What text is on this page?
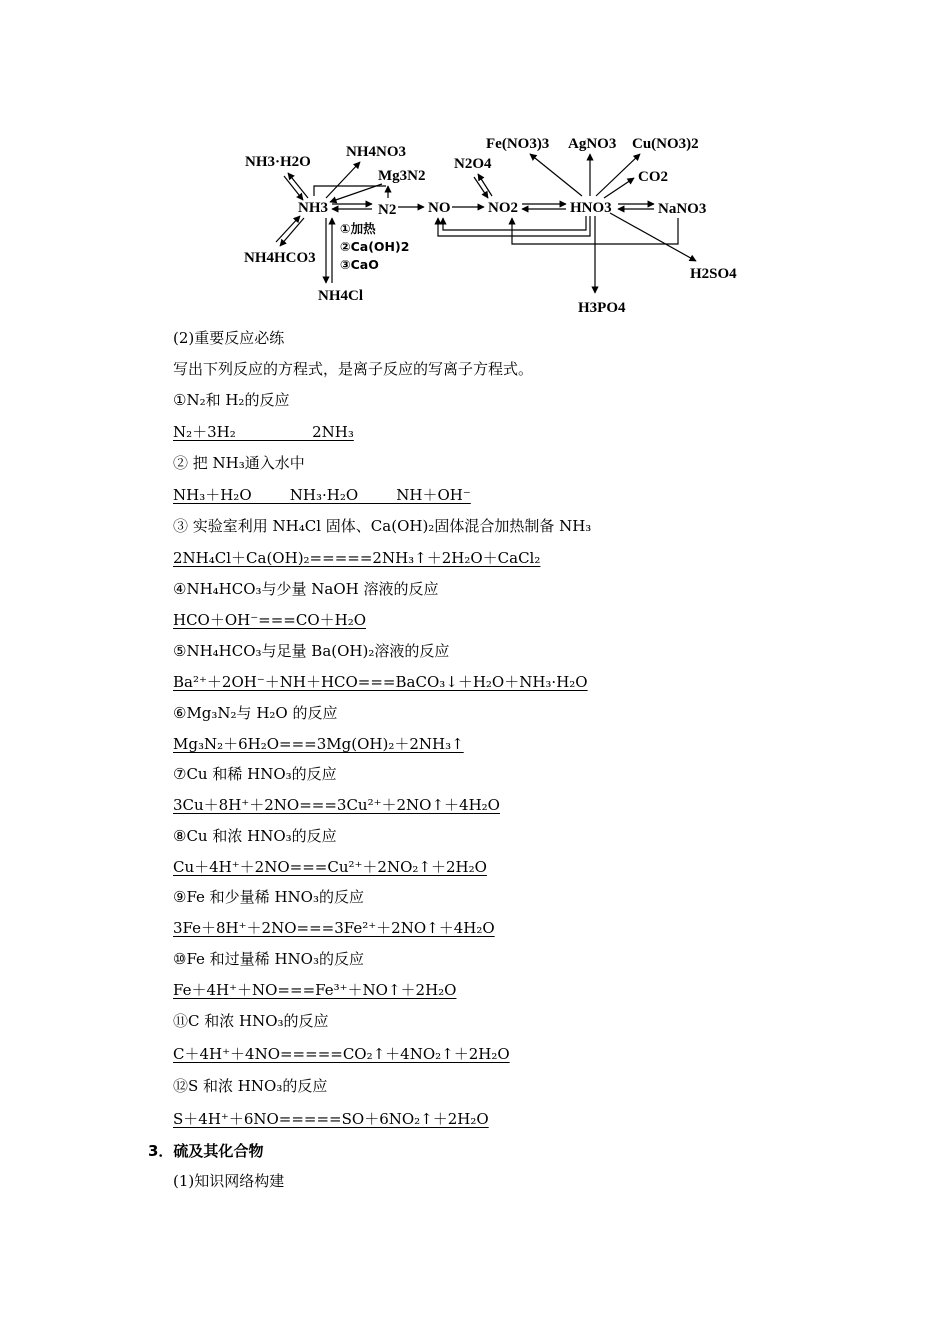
NH3·H2O
NH4NO3
Mg3N2
NH3	N2 NO	NO2
N2O4
HNO3	NaNO3
Fe(NO3)3 AgNO3 Cu(NO3)2
CO2
H2SO4
H3PO4
NH4HCO3
NH4Cl
①加热
②Ca(OH)2
③CaO
(2)重要反应必练
写出下列反应的方程式，是离子反应的写离子方程式。
①N₂和 H₂的反应
N₂＋3H₂                2NH₃
② 把 NH₃通入水中
NH₃＋H₂O        NH₃·H₂O        NH＋OH⁻
③ 实验室利用 NH₄Cl 固体、Ca(OH)₂固体混合加热制备 NH₃
2NH₄Cl＋Ca(OH)₂=====2NH₃↑＋2H₂O＋CaCl₂
④NH₄HCO₃与少量 NaOH 溶液的反应
HCO＋OH⁻===CO＋H₂O
⑤NH₄HCO₃与足量 Ba(OH)₂溶液的反应
Ba²⁺＋2OH⁻＋NH＋HCO===BaCO₃↓＋H₂O＋NH₃·H₂O
⑥Mg₃N₂与 H₂O 的反应
Mg₃N₂＋6H₂O===3Mg(OH)₂＋2NH₃↑
⑦Cu 和稀 HNO₃的反应
3Cu＋8H⁺＋2NO===3Cu²⁺＋2NO↑＋4H₂O
⑧Cu 和浓 HNO₃的反应
Cu＋4H⁺＋2NO===Cu²⁺＋2NO₂↑＋2H₂O
⑨Fe 和少量稀 HNO₃的反应
3Fe＋8H⁺＋2NO===3Fe²⁺＋2NO↑＋4H₂O
⑩Fe 和过量稀 HNO₃的反应
Fe＋4H⁺＋NO===Fe³⁺＋NO↑＋2H₂O
⑪C 和浓 HNO₃的反应
C＋4H⁺＋4NO=====CO₂↑＋4NO₂↑＋2H₂O
⑫S 和浓 HNO₃的反应
S＋4H⁺＋6NO=====SO＋6NO₂↑＋2H₂O
3．硫及其化合物
(1)知识网络构建
